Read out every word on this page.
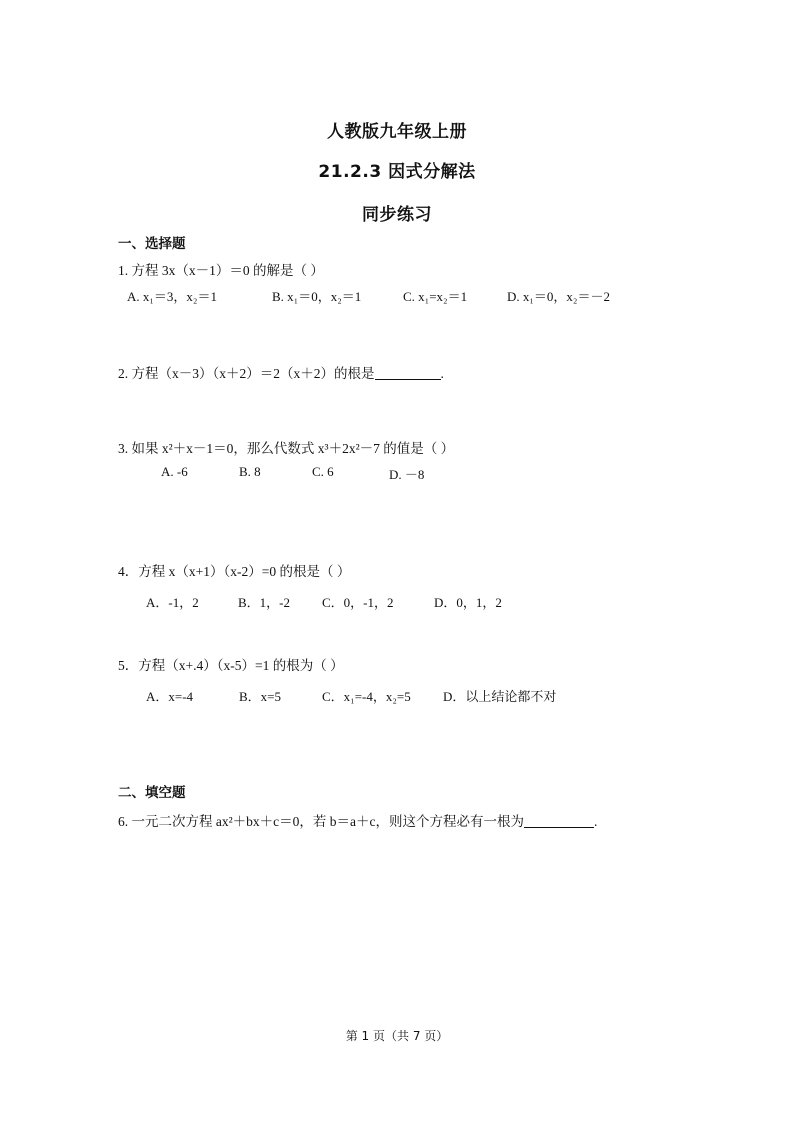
人教版九年级上册
21.2.3 因式分解法
同步练习
一、选择题
1. 方程 3x（x－1）＝0 的解是（ ）
A. x₁＝3，x₂＝1	B. x₁＝0，x₂＝1	C. x₁=x₂＝1	D. x₁＝0，x₂＝－2
2. 方程（x－3）（x＋2）＝2（x＋2）的根是	.
3. 如果 x²＋x－1＝0，那么代数式 x³＋2x²－7 的值是（ ）
A. -6	B. 8	C. 6	D. －8
4．方程 x（x+1）（x-2）=0 的根是（ ）
A．-1，2	B．1，-2 C．0，-1，2	D．0，1，2
5．方程（x+.4）（x-5）=1 的根为（ ）
A．x=-4	B．x=5	C．x₁=-4，x₂=5 D．以上结论都不对
二、填空题
6. 一元二次方程 ax²＋bx＋c＝0，若 b＝a＋c，则这个方程必有一根为	.
第 1 页（共 7 页）
